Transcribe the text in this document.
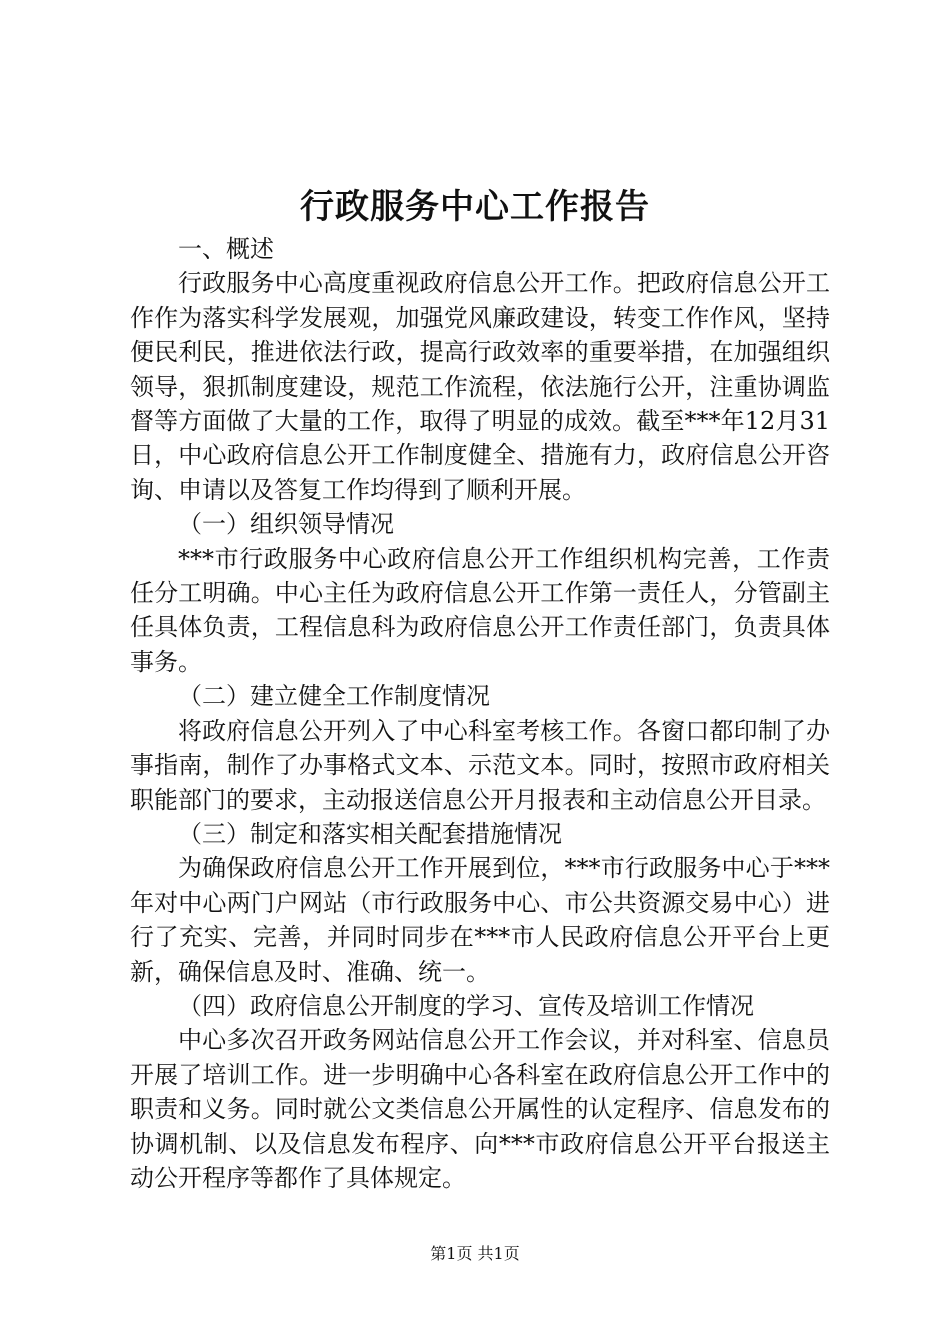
行政服务中心工作报告

一、概述

行政服务中心高度重视政府信息公开工作。把政府信息公开工作作为落实科学发展观，加强党风廉政建设，转变工作作风，坚持便民利民，推进依法行政，提高行政效率的重要举措，在加强组织领导，狠抓制度建设，规范工作流程，依法施行公开，注重协调监督等方面做了大量的工作，取得了明显的成效。截至***年12月31日，中心政府信息公开工作制度健全、措施有力，政府信息公开咨询、申请以及答复工作均得到了顺利开展。

（一）组织领导情况

***市行政服务中心政府信息公开工作组织机构完善，工作责任分工明确。中心主任为政府信息公开工作第一责任人，分管副主任具体负责，工程信息科为政府信息公开工作责任部门，负责具体事务。

（二）建立健全工作制度情况

将政府信息公开列入了中心科室考核工作。各窗口都印制了办事指南，制作了办事格式文本、示范文本。同时，按照市政府相关职能部门的要求，主动报送信息公开月报表和主动信息公开目录。

（三）制定和落实相关配套措施情况

为确保政府信息公开工作开展到位，***市行政服务中心于***年对中心两门户网站（市行政服务中心、市公共资源交易中心）进行了充实、完善，并同时同步在***市人民政府信息公开平台上更新，确保信息及时、准确、统一。

（四）政府信息公开制度的学习、宣传及培训工作情况

中心多次召开政务网站信息公开工作会议，并对科室、信息员开展了培训工作。进一步明确中心各科室在政府信息公开工作中的职责和义务。同时就公文类信息公开属性的认定程序、信息发布的协调机制、以及信息发布程序、向***市政府信息公开平台报送主动公开程序等都作了具体规定。

第1页 共1页
